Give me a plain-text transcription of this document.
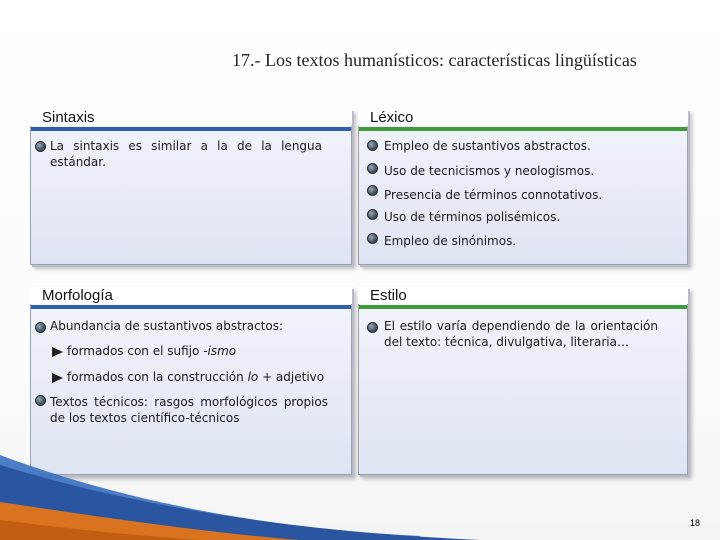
17.- Los textos humanísticos: características lingüísticas
Sintaxis
La sintaxis es similar a la de la lengua estándar.
Léxico
Empleo de sustantivos abstractos.
Uso de tecnicismos y neologismos.
Presencia de términos connotativos.
Uso de términos polisémicos.
Empleo de sinónimos.
Morfología
Abundancia de sustantivos abstractos:
formados con el sufijo -ismo
formados con la construcción lo + adjetivo
Textos técnicos: rasgos morfológicos propios de los textos científico-técnicos
Estilo
El estilo varía dependiendo de la orientación del texto: técnica, divulgativa, literaria…
18
